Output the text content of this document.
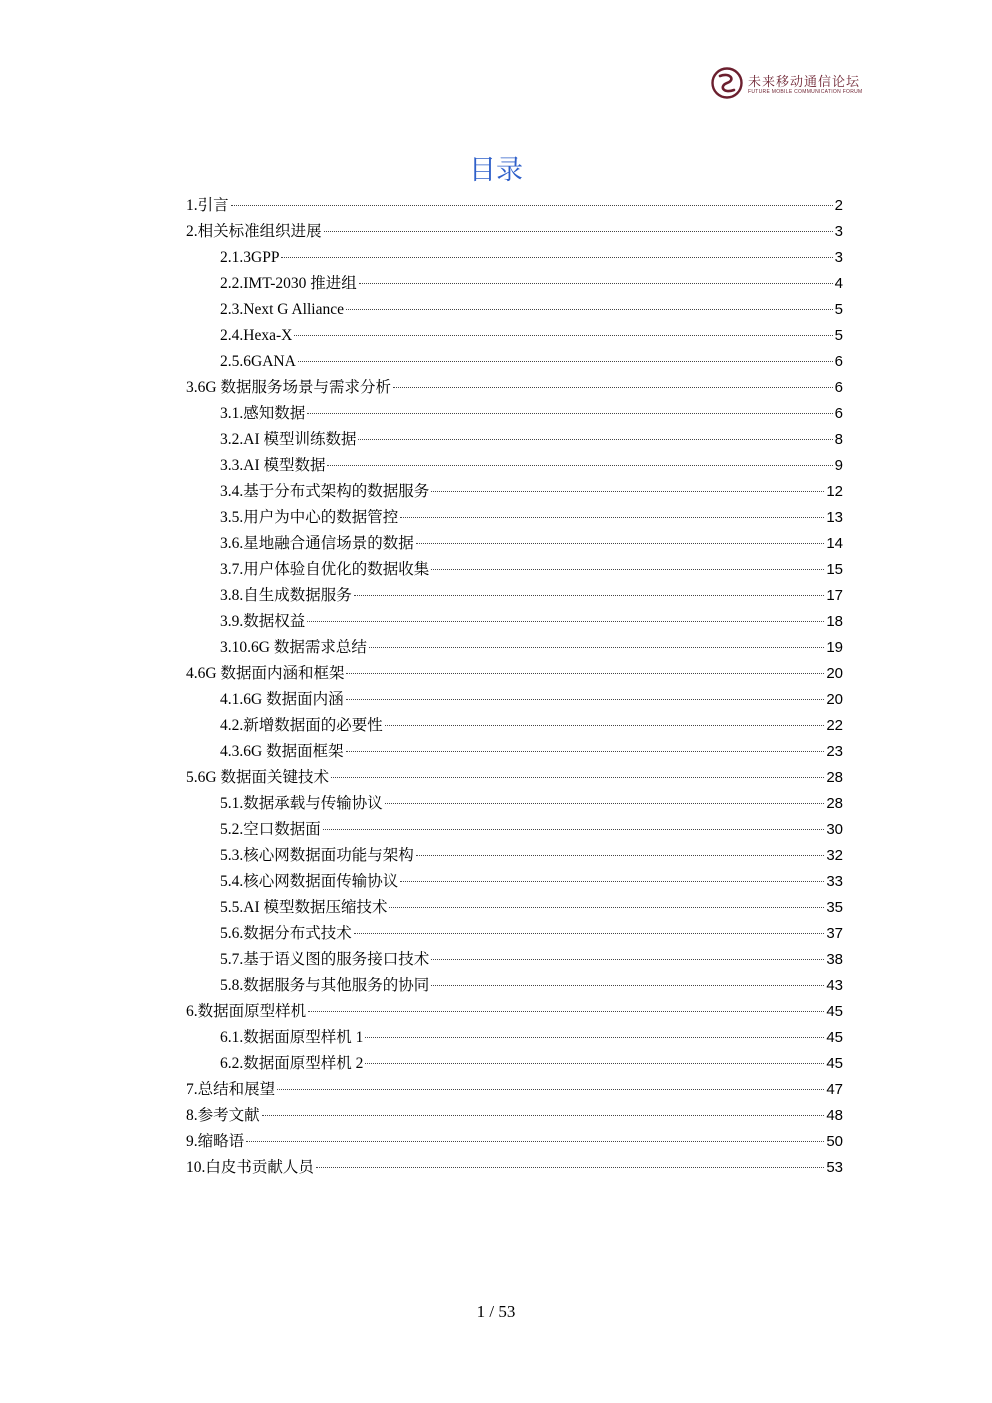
未来移动通信论坛
FUTURE MOBILE COMMUNICATION FORUM
目录
1.引言	2
2.相关标准组织进展	3
2.1.3GPP	3
2.2.IMT-2030 推进组	4
2.3.Next G Alliance	5
2.4.Hexa-X	5
2.5.6GANA	6
3.6G 数据服务场景与需求分析	6
3.1.感知数据	6
3.2.AI 模型训练数据	8
3.3.AI 模型数据	9
3.4.基于分布式架构的数据服务	12
3.5.用户为中心的数据管控	13
3.6.星地融合通信场景的数据	14
3.7.用户体验自优化的数据收集	15
3.8.自生成数据服务	17
3.9.数据权益	18
3.10.6G 数据需求总结	19
4.6G 数据面内涵和框架	20
4.1.6G 数据面内涵	20
4.2.新增数据面的必要性	22
4.3.6G 数据面框架	23
5.6G 数据面关键技术	28
5.1.数据承载与传输协议	28
5.2.空口数据面	30
5.3.核心网数据面功能与架构	32
5.4.核心网数据面传输协议	33
5.5.AI 模型数据压缩技术	35
5.6.数据分布式技术	37
5.7.基于语义图的服务接口技术	38
5.8.数据服务与其他服务的协同	43
6.数据面原型样机	45
6.1.数据面原型样机 1	45
6.2.数据面原型样机 2	45
7.总结和展望	47
8.参考文献	48
9.缩略语	50
10.白皮书贡献人员	53
1 / 53
